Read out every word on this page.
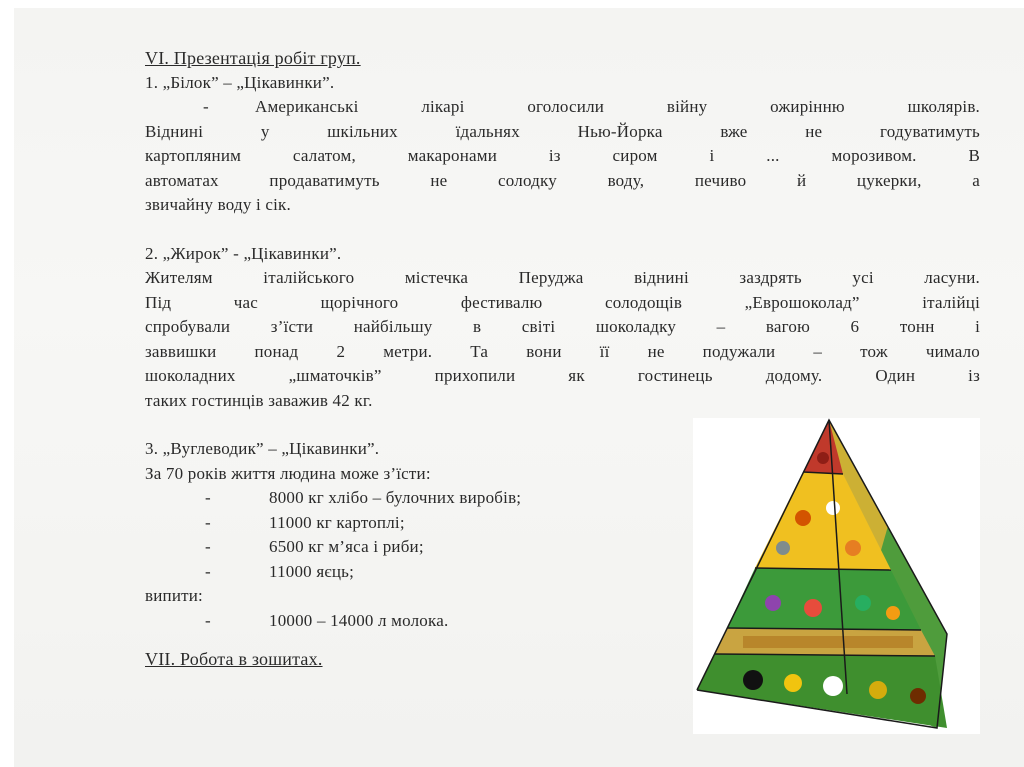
VI. Презентація робіт груп.
1. „Білок” – „Цікавинки”.
-	Американські лікарі оголосили війну ожирінню школярів.
Віднині у шкільних їдальнях Нью-Йорка вже не годуватимуть
картопляним салатом, макаронами із сиром і ... морозивом. В
автоматах продаватимуть не солодку воду, печиво й цукерки, а
звичайну воду і сік.
2. „Жирок” - „Цікавинки”.
Жителям італійського містечка Перуджа віднині заздрять усі ласуни.
Під час щорічного фестивалю солодощів „Еврошоколад” італійці
спробували з’їсти найбільшу в світі шоколадку – вагою 6 тонн і
заввишки понад 2 метри. Та вони її не подужали – тож чимало
шоколадних „шматочків” прихопили як гостинець додому. Один із
таких гостинців заважив 42 кг.
3. „Вуглеводик” – „Цікавинки”.
За 70 років життя людина може з’їсти:
-	8000 кг хлібо – булочних виробів;
-	11000 кг картоплі;
-	6500 кг м’яса і риби;
-	11000 яєць;
випити:
-	10000 – 14000 л молока.
VII. Робота в зошитах.
